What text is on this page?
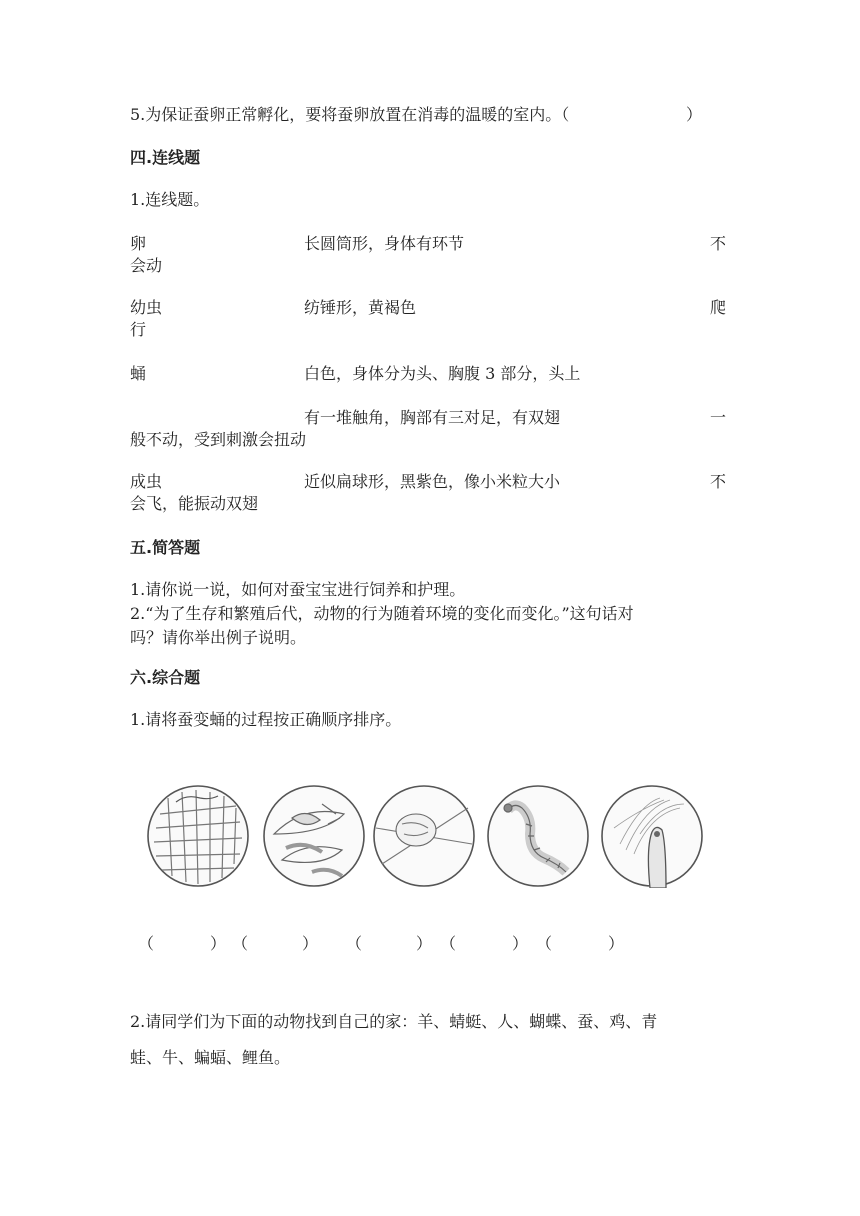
5.为保证蚕卵正常孵化，要将蚕卵放置在消毒的温暖的室内。（	）
四.连线题
1.连线题。
卵	长圆筒形，身体有环节	不
会动
幼虫	纺锤形，黄褐色	爬
行
蛹	白色，身体分为头、胸腹 3 部分，头上
有一堆触角，胸部有三对足，有双翅	一
般不动，受到刺激会扭动
成虫	近似扁球形，黑紫色，像小米粒大小	不
会飞，能振动双翅
五.简答题
1.请你说一说，如何对蚕宝宝进行饲养和护理。
2.“为了生存和繁殖后代，动物的行为随着环境的变化而变化。”这句话对
吗？请你举出例子说明。
六.综合题
1.请将蚕变蛹的过程按正确顺序排序。
（	） （	） （	） （	） （	）
2.请同学们为下面的动物找到自己的家：羊、蜻蜓、人、蝴蝶、蚕、鸡、青
蛙、牛、蝙蝠、鲤鱼。
